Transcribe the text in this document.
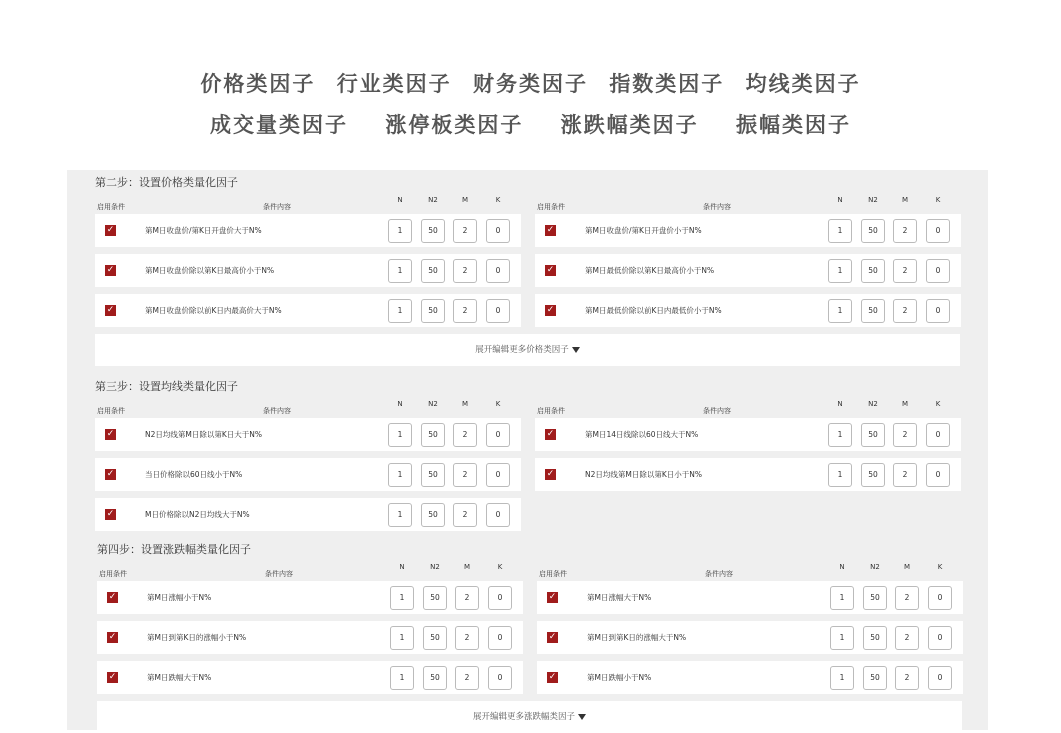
价格类因子 行业类因子 财务类因子 指数类因子 均线类因子
成交量类因子 涨停板类因子 涨跌幅类因子 振幅类因子
第二步：设置价格类量化因子
启用条件	条件内容
N	N2	M	K
✓	第M日收盘价/第K日开盘价大于N%	1	50	2	0
✓	第M日收盘价除以第K日最高价小于N%	1	50	2	0
✓	第M日收盘价除以前K日内最高价大于N%	1	50	2	0
启用条件	条件内容
N	N2	M	K
✓	第M日收盘价/第K日开盘价小于N%	1	50	2	0
✓	第M日最低价除以第K日最高价小于N%	1	50	2	0
✓	第M日最低价除以前K日内最低价小于N%	1	50	2	0
展开编辑更多价格类因子
第三步：设置均线类量化因子
启用条件	条件内容
N	N2	M	K
✓	N2日均线第M日除以第K日大于N%	1	50	2	0
✓	当日价格除以60日线小于N%	1	50	2	0
✓	M日价格除以N2日均线大于N%	1	50	2	0
启用条件	条件内容
N	N2	M	K
✓	第M日14日线除以60日线大于N%	1	50	2	0
✓	N2日均线第M日除以第K日小于N%	1	50	2	0
第四步：设置涨跌幅类量化因子
启用条件	条件内容
N	N2	M	K
✓	第M日涨幅小于N%	1	50	2	0
✓	第M日到第K日的涨幅小于N%	1	50	2	0
✓	第M日跌幅大于N%	1	50	2	0
启用条件	条件内容
N	N2	M	K
✓	第M日涨幅大于N%	1	50	2	0
✓	第M日到第K日的涨幅大于N%	1	50	2	0
✓	第M日跌幅小于N%	1	50	2	0
展开编辑更多涨跌幅类因子
